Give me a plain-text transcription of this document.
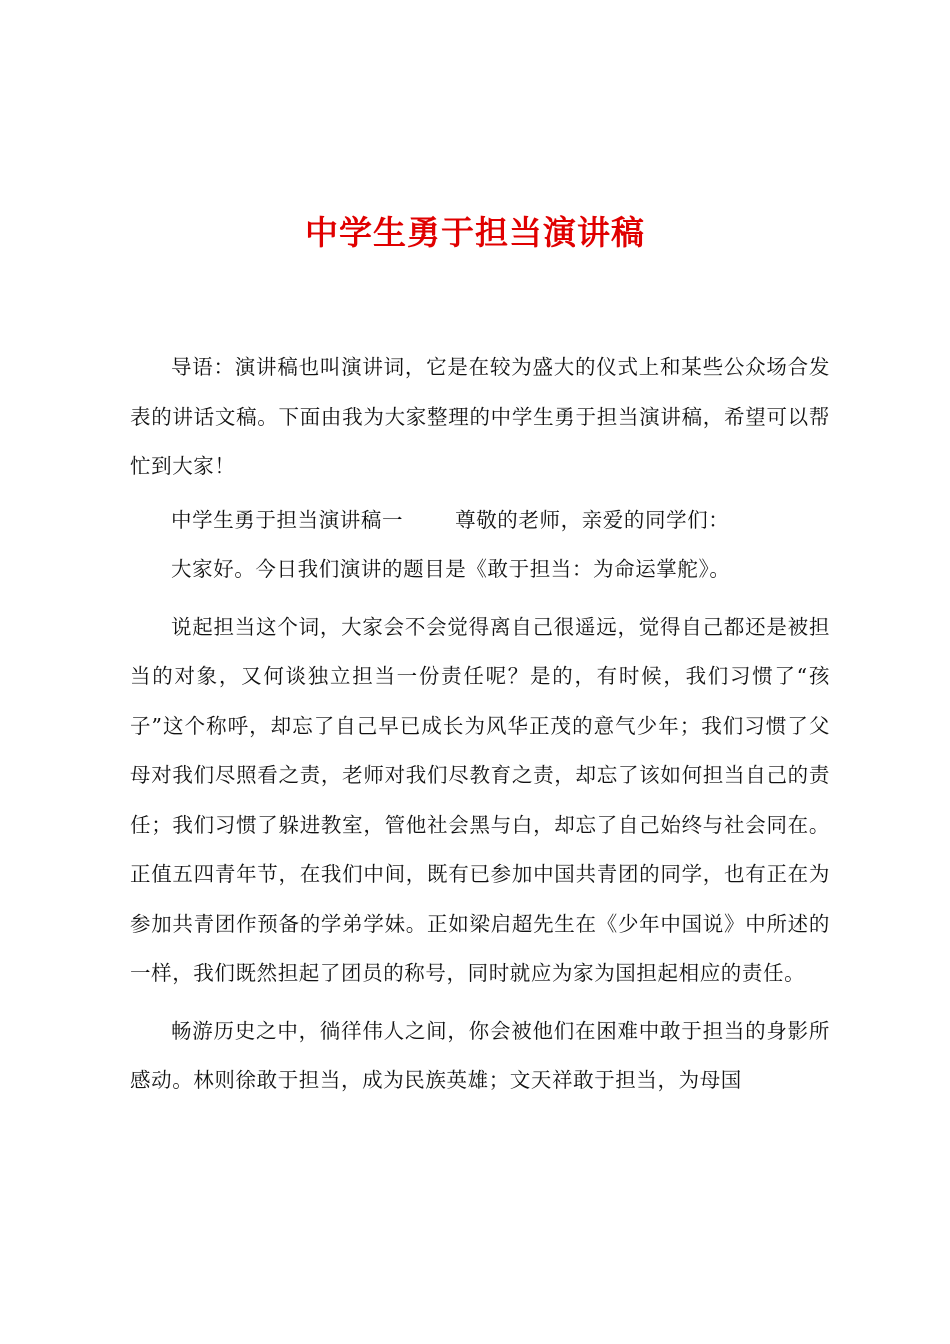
中学生勇于担当演讲稿

导语：演讲稿也叫演讲词，它是在较为盛大的仪式上和某些公众场合发表的讲话文稿。下面由我为大家整理的中学生勇于担当演讲稿，希望可以帮忙到大家！

中学生勇于担当演讲稿一	尊敬的老师，亲爱的同学们：

大家好。今日我们演讲的题目是《敢于担当：为命运掌舵》。

说起担当这个词，大家会不会觉得离自己很遥远，觉得自己都还是被担当的对象，又何谈独立担当一份责任呢？是的，有时候，我们习惯了“孩子”这个称呼，却忘了自己早已成长为风华正茂的意气少年；我们习惯了父母对我们尽照看之责，老师对我们尽教育之责，却忘了该如何担当自己的责任；我们习惯了躲进教室，管他社会黑与白，却忘了自己始终与社会同在。正值五四青年节，在我们中间，既有已参加中国共青团的同学，也有正在为参加共青团作预备的学弟学妹。正如梁启超先生在《少年中国说》中所述的一样，我们既然担起了团员的称号，同时就应为家为国担起相应的责任。

畅游历史之中，徜徉伟人之间，你会被他们在困难中敢于担当的身影所感动。林则徐敢于担当，成为民族英雄；文天祥敢于担当，为母国
